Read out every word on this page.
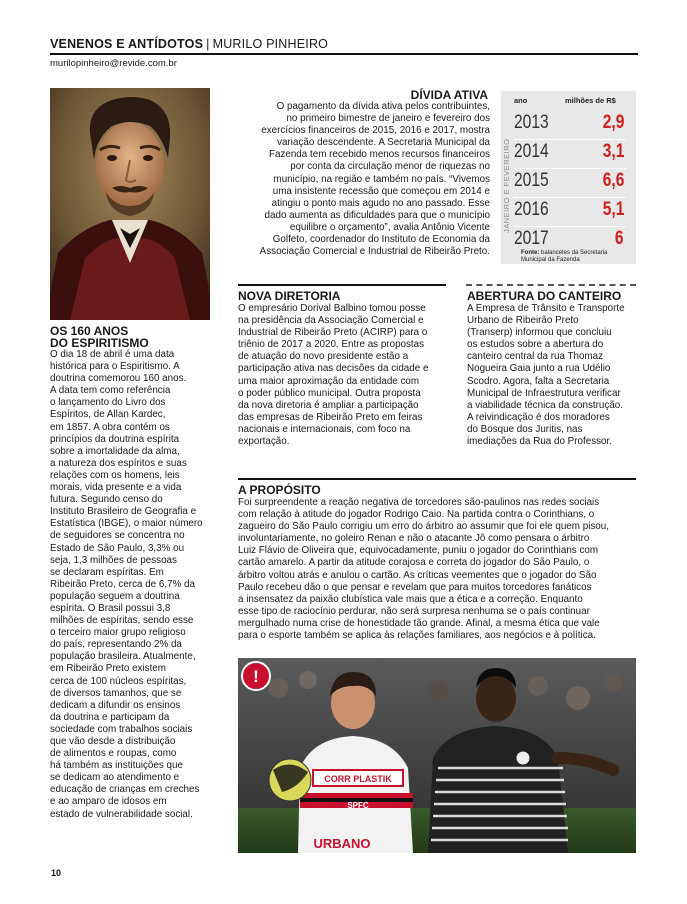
VENENOS E ANTÍDOTOS | MURILO PINHEIRO
murilopinheiro@revide.com.br
OS 160 ANOS
DO ESPIRITISMO
O dia 18 de abril é uma data
histórica para o Espiritismo. A
doutrina comemorou 160 anos.
A data tem como referência
o lançamento do Livro dos
Espíritos, de Allan Kardec,
em 1857. A obra contém os
princípios da doutrina espírita
sobre a imortalidade da alma,
a natureza dos espíritos e suas
relações com os homens, leis
morais, vida presente e a vida
futura. Segundo censo do
Instituto Brasileiro de Geografia e
Estatística (IBGE), o maior número
de seguidores se concentra no
Estado de São Paulo, 3,3% ou
seja, 1,3 milhões de pessoas
se declaram espíritas. Em
Ribeirão Preto, cerca de 6,7% da
população seguem a doutrina
espírita. O Brasil possui 3,8
milhões de espíritas, sendo esse
o terceiro maior grupo religioso
do país, representando 2% da
população brasileira. Atualmente,
em Ribeirão Preto existem
cerca de 100 núcleos espíritas,
de diversos tamanhos, que se
dedicam a difundir os ensinos
da doutrina e participam da
sociedade com trabalhos sociais
que vão desde a distribuição
de alimentos e roupas, como
há também as instituições que
se dedicam ao atendimento e
educação de crianças em creches
e ao amparo de idosos em
estado de vulnerabilidade social.
DÍVIDA ATIVA
O pagamento da dívida ativa pelos contribuintes,
no primeiro bimestre de janeiro e fevereiro dos
exercícios financeiros de 2015, 2016 e 2017, mostra
variação descendente. A Secretaria Municipal da
Fazenda tem recebido menos recursos financeiros
por conta da circulação menor de riquezas no
município, na região e também no país. “Vivemos
uma insistente recessão que começou em 2014 e
atingiu o ponto mais agudo no ano passado. Esse
dado aumenta as dificuldades para que o município
equilibre o orçamento”, avalia Antônio Vicente
Golfeto, coordenador do Instituto de Economia da
Associação Comercial e Industrial de Ribeirão Preto.
ano	milhões de R$
JANEIRO E FEVEREIRO
2013	2,9
2014	3,1
2015	6,6
2016	5,1
2017	6
Fonte: balancetes da Secretaria
Municipal da Fazenda
NOVA DIRETORIA
O empresário Dorival Balbino tomou posse
na presidência da Associação Comercial e
Industrial de Ribeirão Preto (ACIRP) para o
triênio de 2017 a 2020. Entre as propostas
de atuação do novo presidente estão a
participação ativa nas decisões da cidade e
uma maior aproximação da entidade com
o poder público municipal. Outra proposta
da nova diretoria é ampliar a participação
das empresas de Ribeirão Preto em feiras
nacionais e internacionais, com foco na
exportação.
ABERTURA DO CANTEIRO
A Empresa de Trânsito e Transporte
Urbano de Ribeirão Preto
(Transerp) informou que concluiu
os estudos sobre a abertura do
canteiro central da rua Thomaz
Nogueira Gaia junto a rua Udélio
Scodro. Agora, falta a Secretaria
Municipal de Infraestrutura verificar
a viabilidade técnica da construção.
A reivindicação é dos moradores
do Bosque dos Juritis, nas
imediações da Rua do Professor.
A PROPÓSITO
Foi surpreendente a reação negativa de torcedores são-paulinos nas redes sociais
com relação à atitude do jogador Rodrigo Caio. Na partida contra o Corinthians, o
zagueiro do São Paulo corrigiu um erro do árbitro ao assumir que foi ele quem pisou,
involuntariamente, no goleiro Renan e não o atacante Jô como pensara o árbitro
Luiz Flávio de Oliveira que, equivocadamente, puniu o jogador do Corinthians com
cartão amarelo. A partir da atitude corajosa e correta do jogador do São Paulo, o
árbitro voltou atrás e anulou o cartão. As críticas veementes que o jogador do São
Paulo recebeu dão o que pensar e revelam que para muitos torcedores fanáticos
a insensatez da paixão clubística vale mais que a ética e a correção. Enquanto
esse tipo de raciocínio perdurar, não será surpresa nenhuma se o país continuar
mergulhado numa crise de honestidade tão grande. Afinal, a mesma ética que vale
para o esporte também se aplica às relações familiares, aos negócios e à política.
CORR PLASTIK
SPFC
URBANO
!
10
